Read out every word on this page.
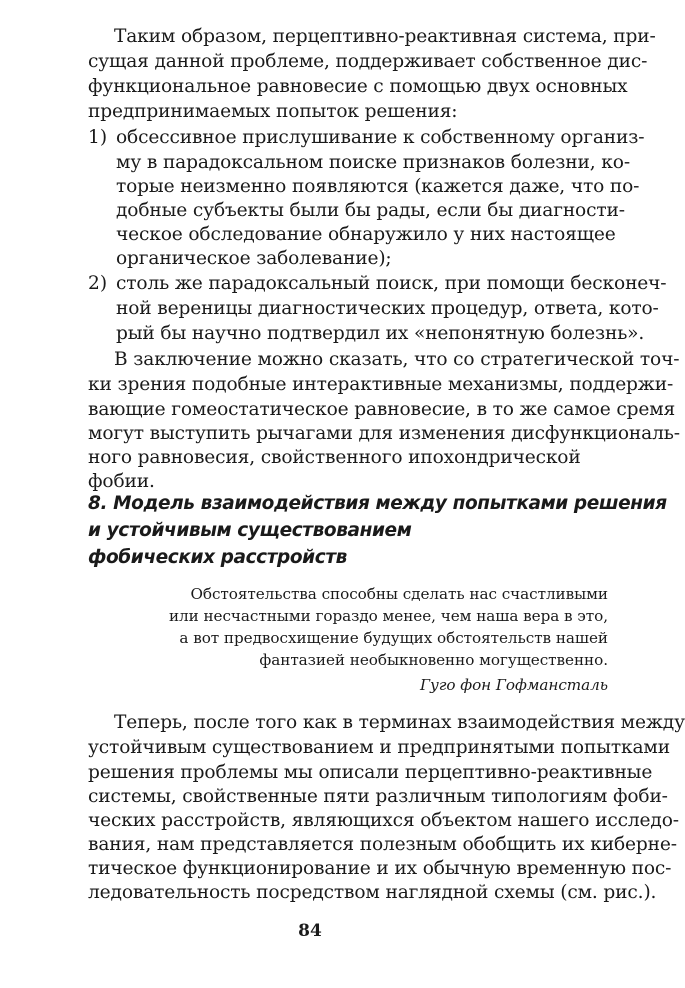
Таким образом, перцептивно-реактивная система, при-
сущая данной проблеме, поддерживает собственное дис-
функциональное равновесие с помощью двух основных
предпринимаемых попыток решения:
1) обсессивное прислушивание к собственному организ-
му в парадоксальном поиске признаков болезни, ко-
торые неизменно появляются (кажется даже, что по-
добные субъекты были бы рады, если бы диагности-
ческое обследование обнаружило у них настоящее
органическое заболевание);
2) столь же парадоксальный поиск, при помощи бесконеч-
ной вереницы диагностических процедур, ответа, кото-
рый бы научно подтвердил их «непонятную болезнь».
В заключение можно сказать, что со стратегической точ-
ки зрения подобные интерактивные механизмы, поддержи-
вающие гомеостатическое равновесие, в то же самое сремя
могут выступить рычагами для изменения дисфункциональ-
ного равновесия, свойственного ипохондрической фобии.
8. Модель взаимодействия между попытками решения
и устойчивым существованием
фобических расстройств
Обстоятельства способны сделать нас счастливыми
или несчастными гораздо менее, чем наша вера в это,
а вот предвосхищение будущих обстоятельств нашей
фантазией необыкновенно могущественно.
Гуго фон Гофмансталь
Теперь, после того как в терминах взаимодействия между
устойчивым существованием и предпринятыми попытками
решения проблемы мы описали перцептивно-реактивные
системы, свойственные пяти различным типологиям фоби-
ческих расстройств, являющихся объектом нашего исследо-
вания, нам представляется полезным обобщить их киберне-
тическое функционирование и их обычную временную пос-
ледовательность посредством наглядной схемы (см. рис.).
84
